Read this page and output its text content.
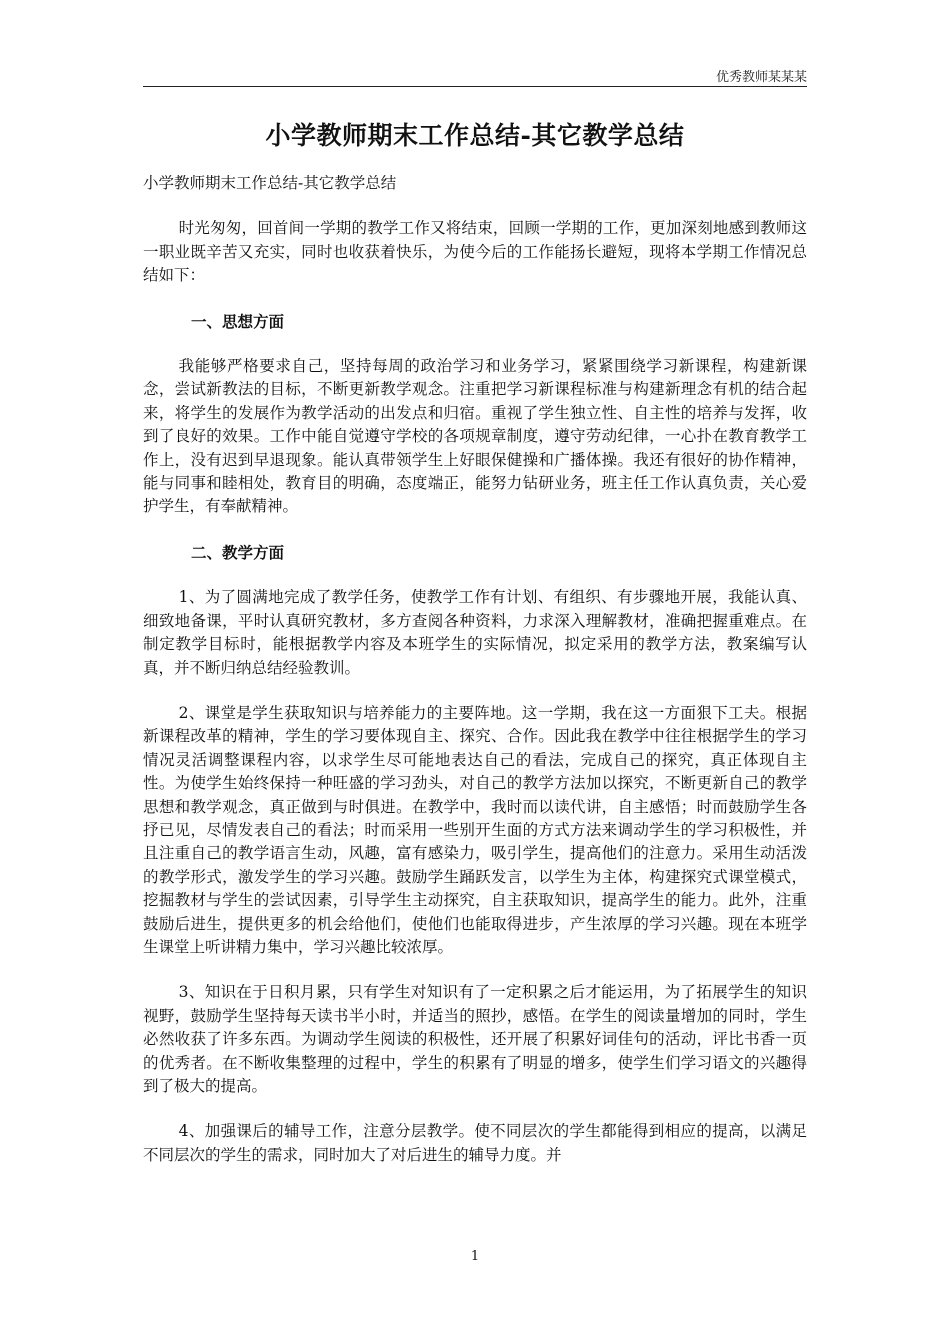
优秀教师某某某
小学教师期末工作总结-其它教学总结

小学教师期末工作总结-其它教学总结

时光匆匆，回首间一学期的教学工作又将结束，回顾一学期的工作，更加深刻地感到教师这一职业既辛苦又充实，同时也收获着快乐，为使今后的工作能扬长避短，现将本学期工作情况总结如下：

一、思想方面

我能够严格要求自己，坚持每周的政治学习和业务学习，紧紧围绕学习新课程，构建新课念，尝试新教法的目标，不断更新教学观念。注重把学习新课程标准与构建新理念有机的结合起来，将学生的发展作为教学活动的出发点和归宿。重视了学生独立性、自主性的培养与发挥，收到了良好的效果。工作中能自觉遵守学校的各项规章制度，遵守劳动纪律，一心扑在教育教学工作上，没有迟到早退现象。能认真带领学生上好眼保健操和广播体操。我还有很好的协作精神，能与同事和睦相处，教育目的明确，态度端正，能努力钻研业务，班主任工作认真负责，关心爱护学生，有奉献精神。

二、教学方面

1、为了圆满地完成了教学任务，使教学工作有计划、有组织、有步骤地开展，我能认真、细致地备课，平时认真研究教材，多方查阅各种资料，力求深入理解教材，准确把握重难点。在制定教学目标时，能根据教学内容及本班学生的实际情况，拟定采用的教学方法，教案编写认真，并不断归纳总结经验教训。

2、课堂是学生获取知识与培养能力的主要阵地。这一学期，我在这一方面狠下工夫。根据新课程改革的精神，学生的学习要体现自主、探究、合作。因此我在教学中往往根据学生的学习情况灵活调整课程内容，以求学生尽可能地表达自己的看法，完成自己的探究，真正体现自主性。为使学生始终保持一种旺盛的学习劲头，对自己的教学方法加以探究，不断更新自己的教学思想和教学观念，真正做到与时俱进。在教学中，我时而以读代讲，自主感悟；时而鼓励学生各抒已见，尽情发表自己的看法；时而采用一些别开生面的方式方法来调动学生的学习积极性，并且注重自己的教学语言生动，风趣，富有感染力，吸引学生，提高他们的注意力。采用生动活泼的教学形式，激发学生的学习兴趣。鼓励学生踊跃发言，以学生为主体，构建探究式课堂模式，挖掘教材与学生的尝试因素，引导学生主动探究，自主获取知识，提高学生的能力。此外，注重鼓励后进生，提供更多的机会给他们，使他们也能取得进步，产生浓厚的学习兴趣。现在本班学生课堂上听讲精力集中，学习兴趣比较浓厚。

3、知识在于日积月累，只有学生对知识有了一定积累之后才能运用，为了拓展学生的知识视野，鼓励学生坚持每天读书半小时，并适当的照抄，感悟。在学生的阅读量增加的同时，学生必然收获了许多东西。为调动学生阅读的积极性，还开展了积累好词佳句的活动，评比书香一页的优秀者。在不断收集整理的过程中，学生的积累有了明显的增多，使学生们学习语文的兴趣得到了极大的提高。

4、加强课后的辅导工作，注意分层教学。使不同层次的学生都能得到相应的提高，以满足不同层次的学生的需求，同时加大了对后进生的辅导力度。并

1
